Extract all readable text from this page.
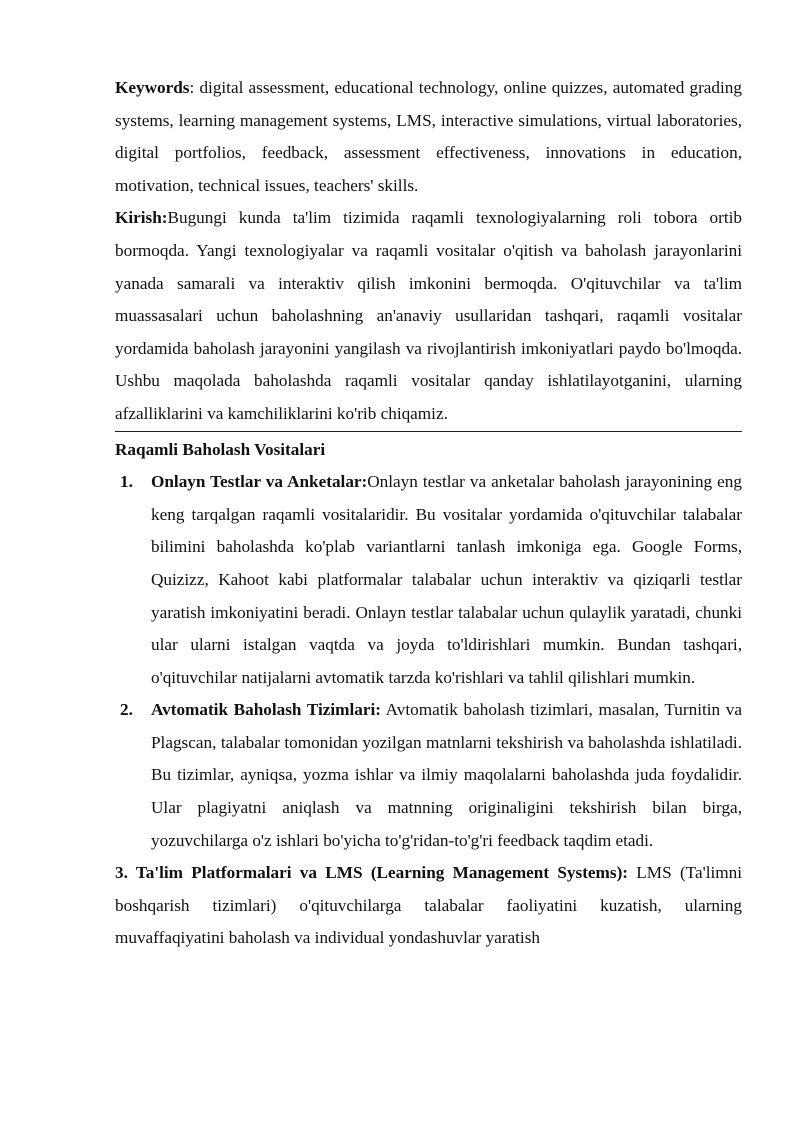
Keywords: digital assessment, educational technology, online quizzes, automated grading systems, learning management systems, LMS, interactive simulations, virtual laboratories, digital portfolios, feedback, assessment effectiveness, innovations in education, motivation, technical issues, teachers' skills.

Kirish:Bugungi kunda ta'lim tizimida raqamli texnologiyalarning roli tobora ortib bormoqda. Yangi texnologiyalar va raqamli vositalar o'qitish va baholash jarayonlarini yanada samarali va interaktiv qilish imkonini bermoqda. O'qituvchilar va ta'lim muassasalari uchun baholashning an'anaviy usullaridan tashqari, raqamli vositalar yordamida baholash jarayonini yangilash va rivojlantirish imkoniyatlari paydo bo'lmoqda. Ushbu maqolada baholashda raqamli vositalar qanday ishlatilayotganini, ularning afzalliklarini va kamchiliklarini ko'rib chiqamiz.

Raqamli Baholash Vositalari

1. Onlayn Testlar va Anketalar:Onlayn testlar va anketalar baholash jarayonining eng keng tarqalgan raqamli vositalaridir. Bu vositalar yordamida o'qituvchilar talabalar bilimini baholashda ko'plab variantlarni tanlash imkoniga ega. Google Forms, Quizizz, Kahoot kabi platformalar talabalar uchun interaktiv va qiziqarli testlar yaratish imkoniyatini beradi. Onlayn testlar talabalar uchun qulaylik yaratadi, chunki ular ularni istalgan vaqtda va joyda to'ldirishlari mumkin. Bundan tashqari, o'qituvchilar natijalarni avtomatik tarzda ko'rishlari va tahlil qilishlari mumkin.

2. Avtomatik Baholash Tizimlari: Avtomatik baholash tizimlari, masalan, Turnitin va Plagscan, talabalar tomonidan yozilgan matnlarni tekshirish va baholashda ishlatiladi. Bu tizimlar, ayniqsa, yozma ishlar va ilmiy maqolalarni baholashda juda foydalidir. Ular plagiyatni aniqlash va matnning originaligini tekshirish bilan birga, yozuvchilarga o'z ishlari bo'yicha to'g'ridan-to'g'ri feedback taqdim etadi.

3. Ta'lim Platformalari va LMS (Learning Management Systems): LMS (Ta'limni boshqarish tizimlari) o'qituvchilarga talabalar faoliyatini kuzatish, ularning muvaffaqiyatini baholash va individual yondashuvlar yaratish
